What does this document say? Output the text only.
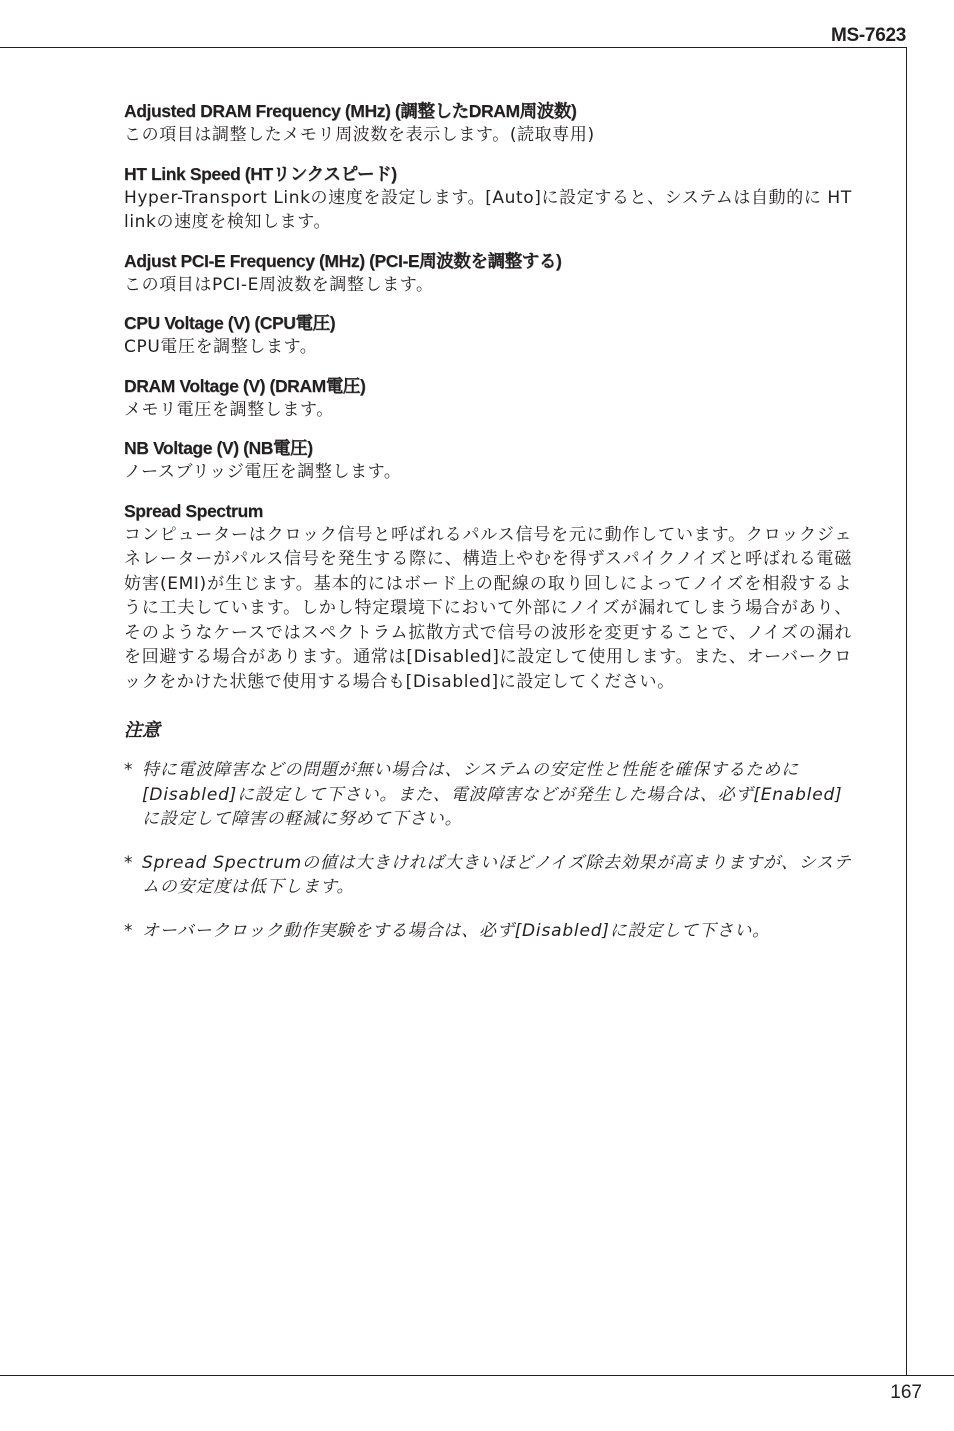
MS-7623
Adjusted DRAM Frequency (MHz) (調整したDRAM周波数)
この項目は調整したメモリ周波数を表示します。(読取専用)
HT Link Speed (HTリンクスピード)
Hyper-Transport Linkの速度を設定します。[Auto]に設定すると、システムは自動的に HT linkの速度を検知します。
Adjust PCI-E Frequency (MHz) (PCI-E周波数を調整する)
この項目はPCI-E周波数を調整します。
CPU Voltage (V) (CPU電圧)
CPU電圧を調整します。
DRAM Voltage (V) (DRAM電圧)
メモリ電圧を調整します。
NB Voltage (V) (NB電圧)
ノースブリッジ電圧を調整します。
Spread Spectrum
コンピューターはクロック信号と呼ばれるパルス信号を元に動作しています。クロックジェネレーターがパルス信号を発生する際に、構造上やむを得ずスパイクノイズと呼ばれる電磁妨害(EMI)が生じます。基本的にはボード上の配線の取り回しによってノイズを相殺するように工夫しています。しかし特定環境下において外部にノイズが漏れてしまう場合があり、そのようなケースではスペクトラム拡散方式で信号の波形を変更することで、ノイズの漏れを回避する場合があります。通常は[Disabled]に設定して使用します。また、オーバークロックをかけた状態で使用する場合も[Disabled]に設定してください。
注意
* 特に電波障害などの問題が無い場合は、システムの安定性と性能を確保するために[Disabled]に設定して下さい。また、電波障害などが発生した場合は、必ず[Enabled]に設定して障害の軽減に努めて下さい。
* Spread Spectrumの値は大きければ大きいほどノイズ除去効果が高まりますが、システムの安定度は低下します。
* オーバークロック動作実験をする場合は、必ず[Disabled]に設定して下さい。
167
